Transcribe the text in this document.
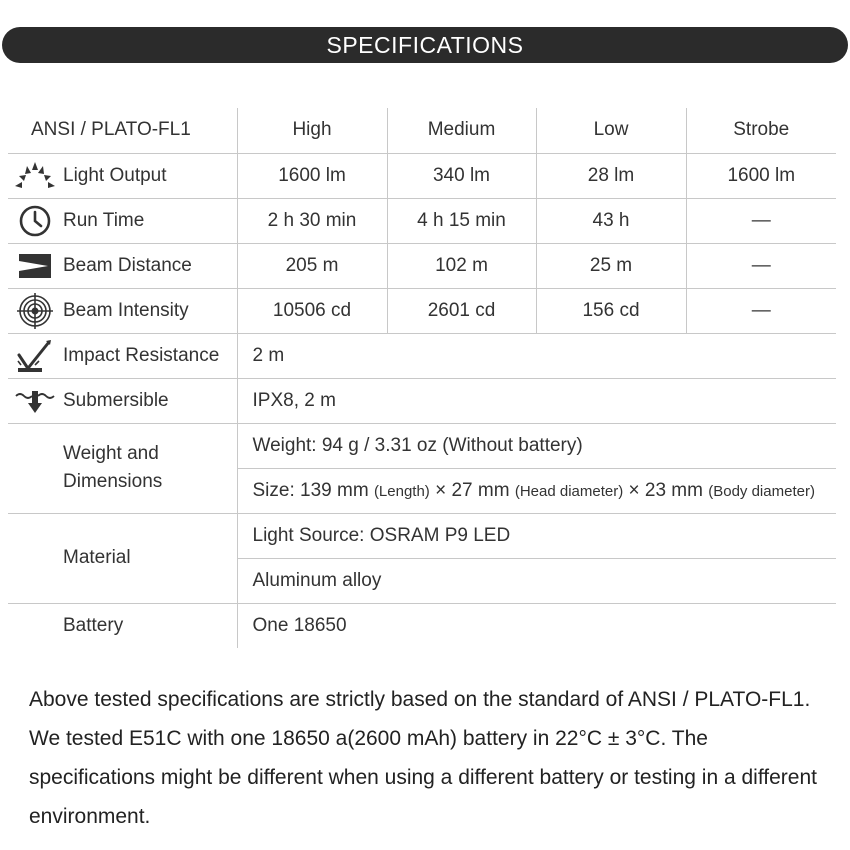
SPECIFICATIONS
ANSI / PLATO-FL1	High	Medium	Low	Strobe

Light Output	1600 lm	340 lm	28 lm	1600 lm

Run Time	2 h 30 min	4 h 15 min	43 h	—

Beam Distance	205 m	102 m	25 m	—

Beam Intensity	10506 cd	2601 cd	156 cd	—

Impact Resistance	2 m			

Submersible	IPX8, 2 m			

Weight and
Dimensions	Weight: 94 g / 3.31 oz (Without battery)			
	Size: 139 mm (Length) × 27 mm (Head diameter) × 23 mm (Body diameter)			

Material	Light Source: OSRAM P9 LED			
	Aluminum alloy			

Battery	One 18650			
Above tested specifications are strictly based on the standard of ANSI / PLATO-FL1. We tested E51C with one 18650 a(2600 mAh) battery in 22°C ± 3°C. The specifications might be different when using a different battery or testing in a different environment.
